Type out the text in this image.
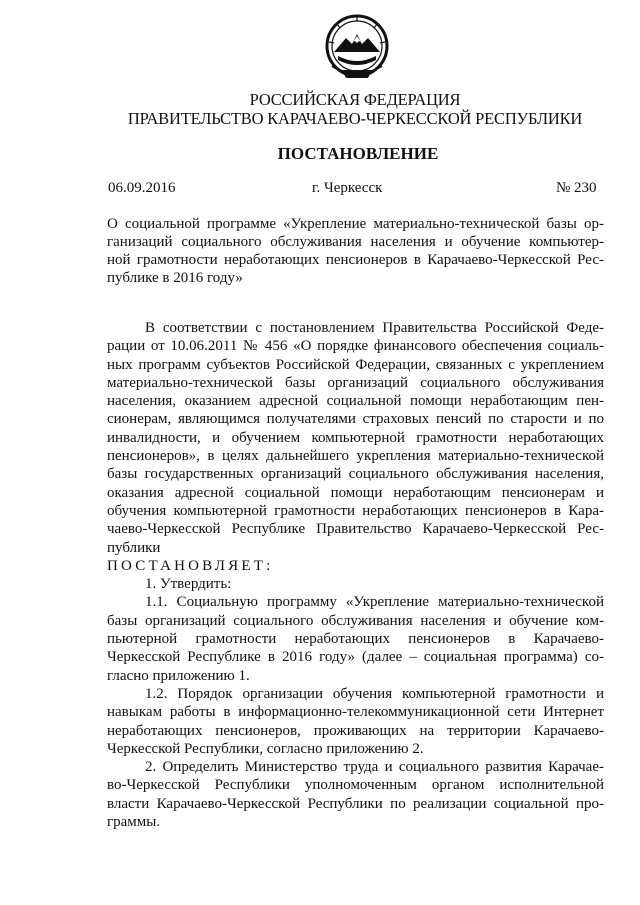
РОССИЙСКАЯ ФЕДЕРАЦИЯ
ПРАВИТЕЛЬСТВО КАРАЧАЕВО-ЧЕРКЕССКОЙ РЕСПУБЛИКИ
ПОСТАНОВЛЕНИЕ
06.09.2016	г. Черкесск	№ 230
О социальной программе «Укрепление материально-технической базы ор-
ганизаций социального обслуживания населения и обучение компьютер-
ной грамотности неработающих пенсионеров в Карачаево-Черкесской Рес-
публике в 2016 году»
В соответствии с постановлением Правительства Российской Феде-
рации от 10.06.2011 № 456 «О порядке финансового обеспечения социаль-
ных программ субъектов Российской Федерации, связанных с укреплением
материально-технической базы организаций социального обслуживания
населения, оказанием адресной социальной помощи неработающим пен-
сионерам, являющимся получателями страховых пенсий по старости и по
инвалидности, и обучением компьютерной грамотности неработающих
пенсионеров», в целях дальнейшего укрепления материально-технической
базы государственных организаций социального обслуживания населения,
оказания адресной социальной помощи неработающим пенсионерам и
обучения компьютерной грамотности неработающих пенсионеров в Кара-
чаево-Черкесской Республике Правительство Карачаево-Черкесской Рес-
публики
ПОСТАНОВЛЯЕТ:
1. Утвердить:
1.1. Социальную программу «Укрепление материально-технической
базы организаций социального обслуживания населения и обучение ком-
пьютерной грамотности неработающих пенсионеров в Карачаево-
Черкесской Республике в 2016 году» (далее – социальная программа) со-
гласно приложению 1.
1.2. Порядок организации обучения компьютерной грамотности и
навыкам работы в информационно-телекоммуникационной сети Интернет
неработающих пенсионеров, проживающих на территории Карачаево-
Черкесской Республики, согласно приложению 2.
2. Определить Министерство труда и социального развития Карачае-
во-Черкесской Республики уполномоченным органом исполнительной
власти Карачаево-Черкесской Республики по реализации социальной про-
граммы.
